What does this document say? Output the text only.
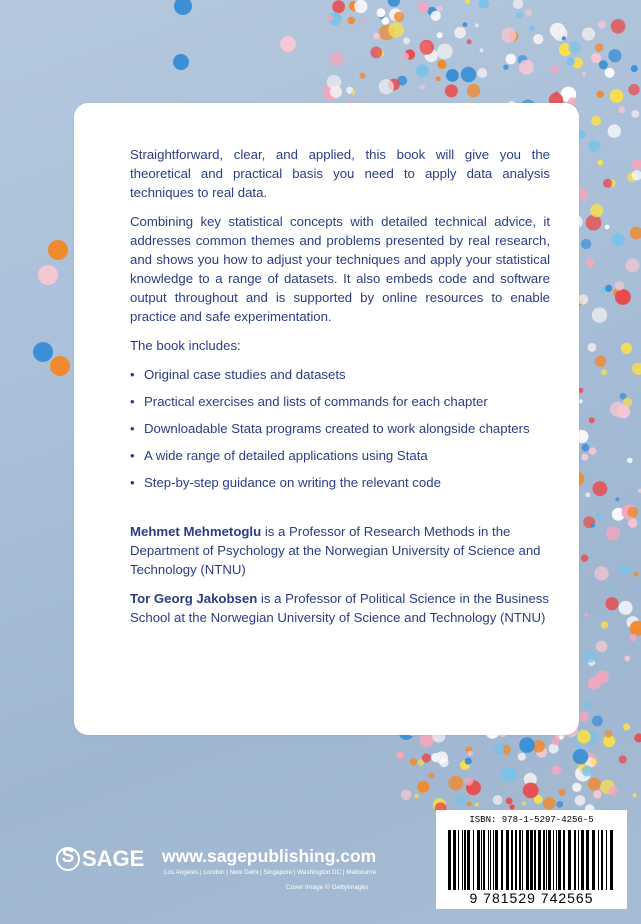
Straightforward, clear, and applied, this book will give you the theoretical and practical basis you need to apply data analysis techniques to real data.

Combining key statistical concepts with detailed technical advice, it addresses common themes and problems presented by real research, and shows you how to adjust your techniques and apply your statistical knowledge to a range of datasets. It also embeds code and software output throughout and is supported by online resources to enable practice and safe experimentation.

The book includes:

• Original case studies and datasets
• Practical exercises and lists of commands for each chapter
• Downloadable Stata programs created to work alongside chapters
• A wide range of detailed applications using Stata
• Step-by-step guidance on writing the relevant code

Mehmet Mehmetoglu is a Professor of Research Methods in the Department of Psychology at the Norwegian University of Science and Technology (NTNU)

Tor Georg Jakobsen is a Professor of Political Science in the Business School at the Norwegian University of Science and Technology (NTNU)

S SAGE www.sagepublishing.com
Los Angeles | London | New Delhi | Singapore | Washington DC | Melbourne
Cover Image © GettyImages
ISBN: 978-1-5297-4256-5
9 781529 742565
